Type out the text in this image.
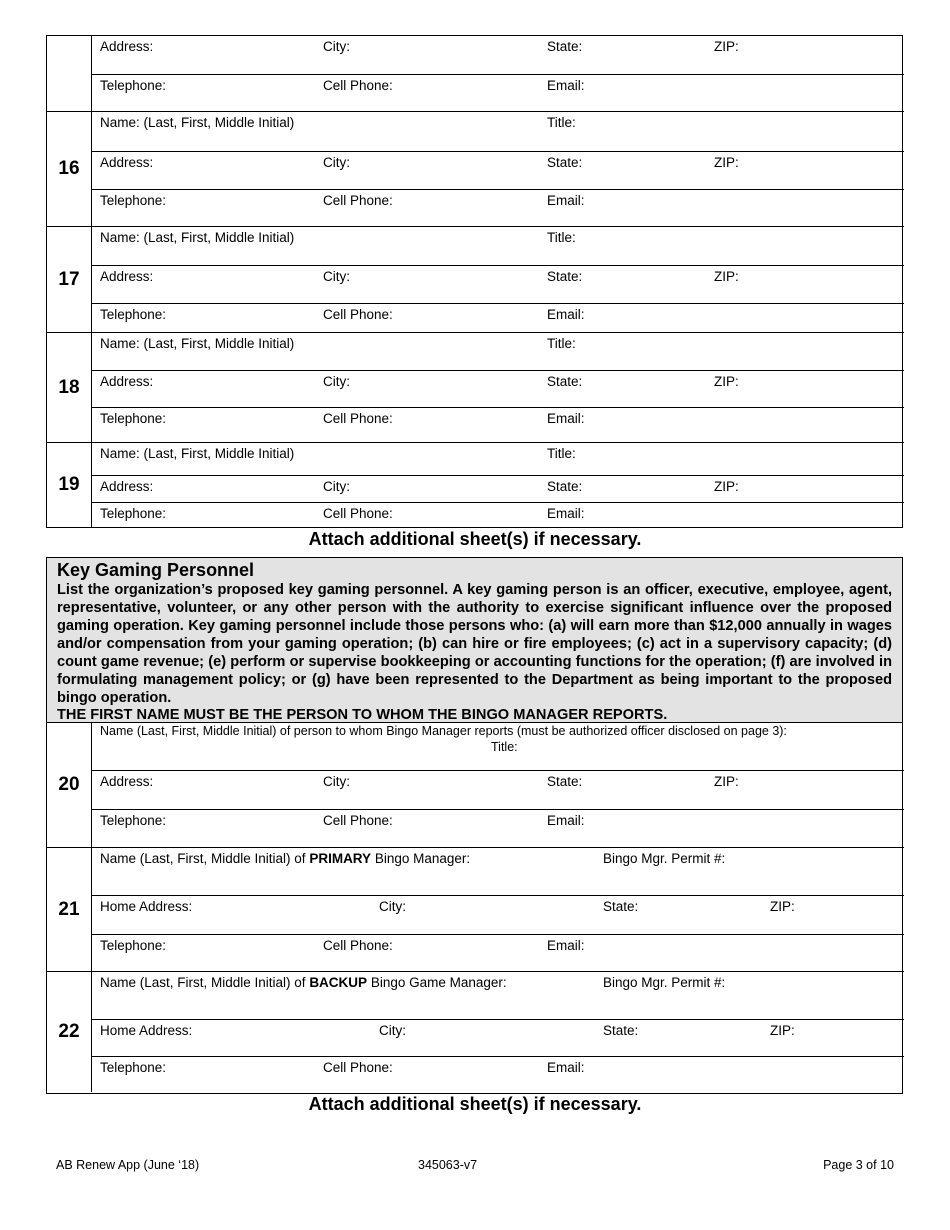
Address:	City:	State:	ZIP:
Telephone:	Cell Phone:	Email:
16
Name: (Last, First, Middle Initial)	Title:
Address:	City:	State:	ZIP:
Telephone:	Cell Phone:	Email:
17
Name: (Last, First, Middle Initial)	Title:
Address:	City:	State:	ZIP:
Telephone:	Cell Phone:	Email:
18
Name: (Last, First, Middle Initial)	Title:
Address:	City:	State:	ZIP:
Telephone:	Cell Phone:	Email:
19
Name: (Last, First, Middle Initial)	Title:
Address:	City:	State:	ZIP:
Telephone:	Cell Phone:	Email:
Attach additional sheet(s) if necessary.
Key Gaming Personnel
List the organization’s proposed key gaming personnel. A key gaming person is an officer, executive, employee, agent, representative, volunteer, or any other person with the authority to exercise significant influence over the proposed gaming operation. Key gaming personnel include those persons who: (a) will earn more than $12,000 annually in wages and/or compensation from your gaming operation; (b) can hire or fire employees; (c) act in a supervisory capacity; (d) count game revenue; (e) perform or supervise bookkeeping or accounting functions for the operation; (f) are involved in formulating management policy; or (g) have been represented to the Department as being important to the proposed bingo operation.
THE FIRST NAME MUST BE THE PERSON TO WHOM THE BINGO MANAGER REPORTS.
20
Name (Last, First, Middle Initial) of person to whom Bingo Manager reports (must be authorized officer disclosed on page 3):
Title:
Address:	City:	State:	ZIP:
Telephone:	Cell Phone:	Email:
21
Name (Last, First, Middle Initial) of PRIMARY Bingo Manager:	Bingo Mgr. Permit #:
Home Address:	City:	State:	ZIP:
Telephone:	Cell Phone:	Email:
22
Name (Last, First, Middle Initial) of BACKUP Bingo Game Manager:	Bingo Mgr. Permit #:
Home Address:	City:	State:	ZIP:
Telephone:	Cell Phone:	Email:
Attach additional sheet(s) if necessary.
AB Renew App (June ‘18)	345063-v7	Page 3 of 10
